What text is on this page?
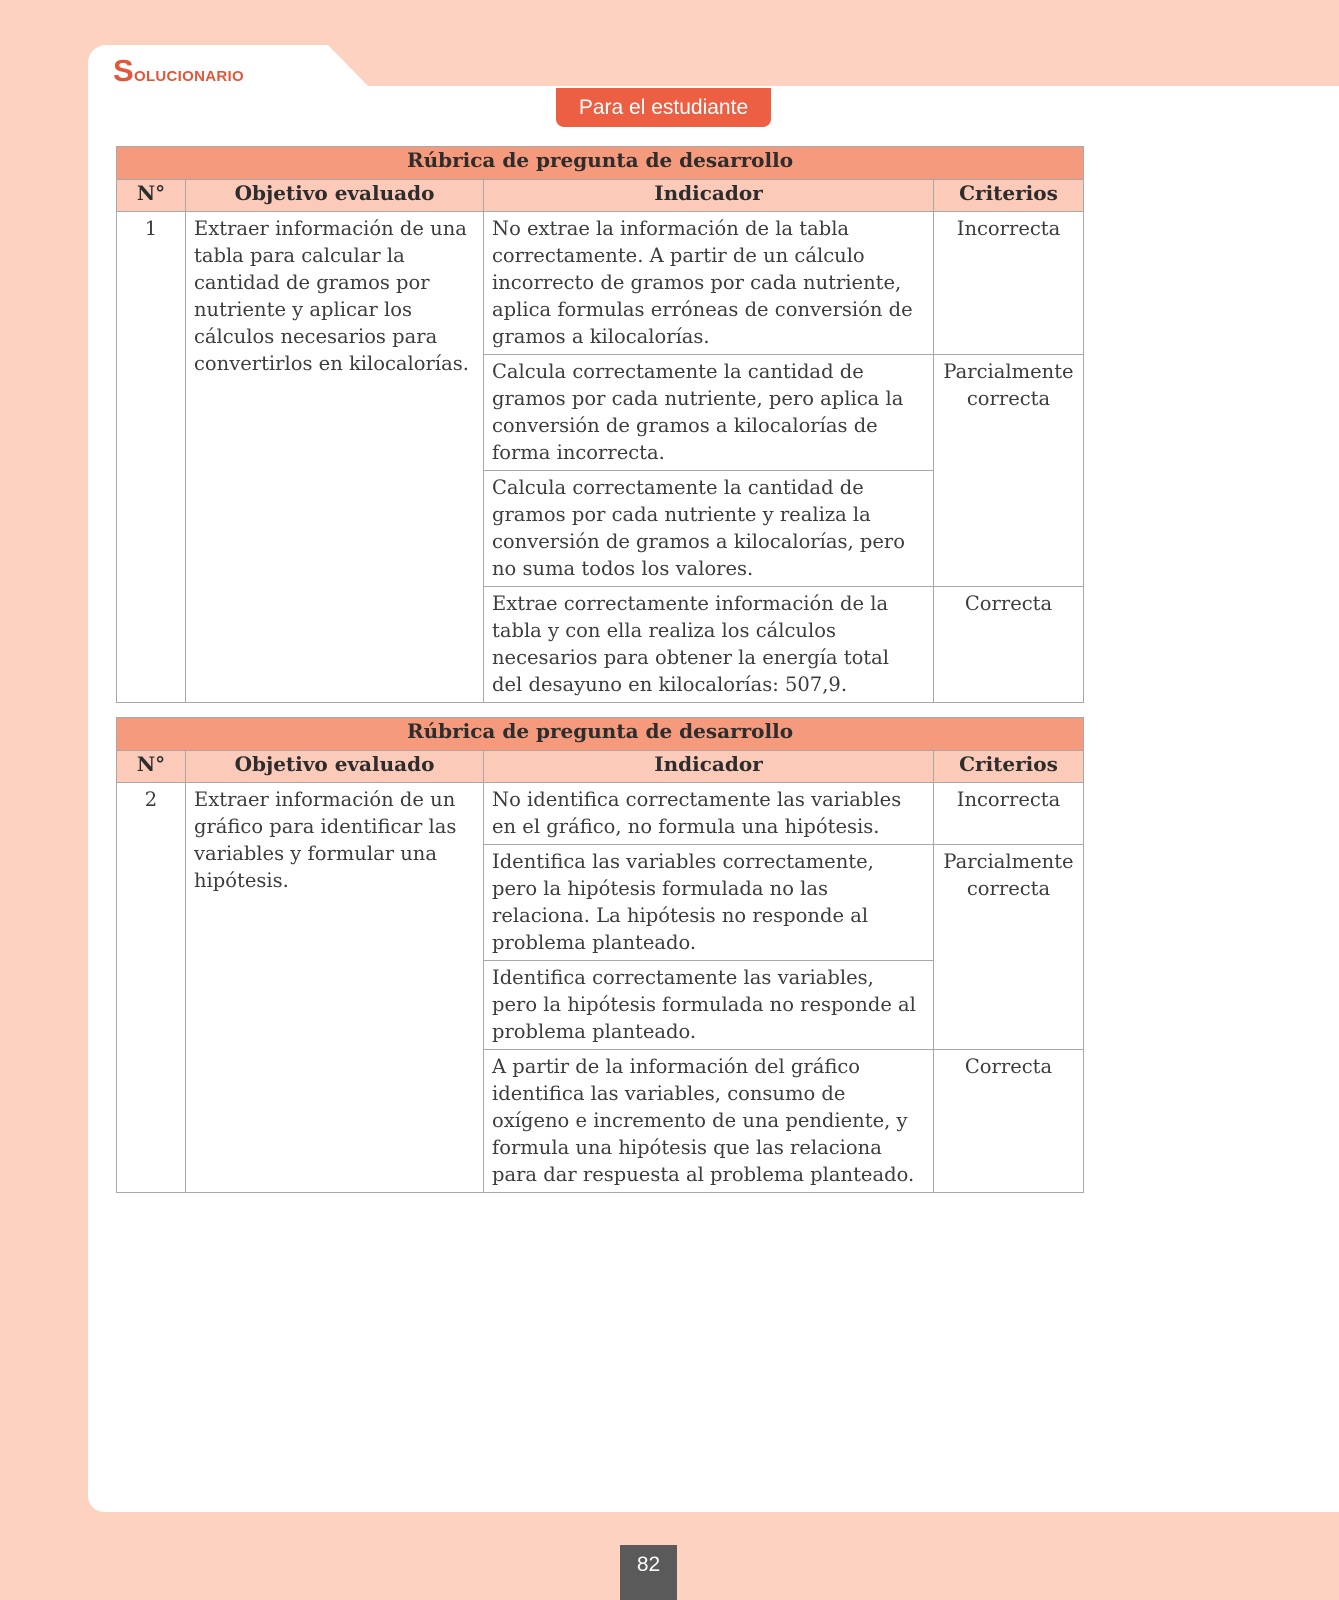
Solucionario
Para el estudiante
Rúbrica de pregunta de desarrollo			
N°	Objetivo evaluado	Indicador	Criterios
1	Extraer información de una tabla para calcular la cantidad de gramos por nutriente y aplicar los cálculos necesarios para convertirlos en kilocalorías.	No extrae la información de la tabla correctamente. A partir de un cálculo incorrecto de gramos por cada nutriente, aplica formulas erróneas de conversión de gramos a kilocalorías.	Incorrecta
		Calcula correctamente la cantidad de gramos por cada nutriente, pero aplica la conversión de gramos a kilocalorías de forma incorrecta.	Parcialmente correcta
		Calcula correctamente la cantidad de gramos por cada nutriente y realiza la conversión de gramos a kilocalorías, pero no suma todos los valores.	
		Extrae correctamente información de la tabla y con ella realiza los cálculos necesarios para obtener la energía total del desayuno en kilocalorías: 507,9.	Correcta
Rúbrica de pregunta de desarrollo			
N°	Objetivo evaluado	Indicador	Criterios
2	Extraer información de un gráfico para identificar las variables y formular una hipótesis.	No identifica correctamente las variables en el gráfico, no formula una hipótesis.	Incorrecta
		Identifica las variables correctamente, pero la hipótesis formulada no las relaciona. La hipótesis no responde al problema planteado.	Parcialmente correcta
		Identifica correctamente las variables, pero la hipótesis formulada no responde al problema planteado.	
		A partir de la información del gráfico identifica las variables, consumo de oxígeno e incremento de una pendiente, y formula una hipótesis que las relaciona para dar respuesta al problema planteado.	Correcta
82
